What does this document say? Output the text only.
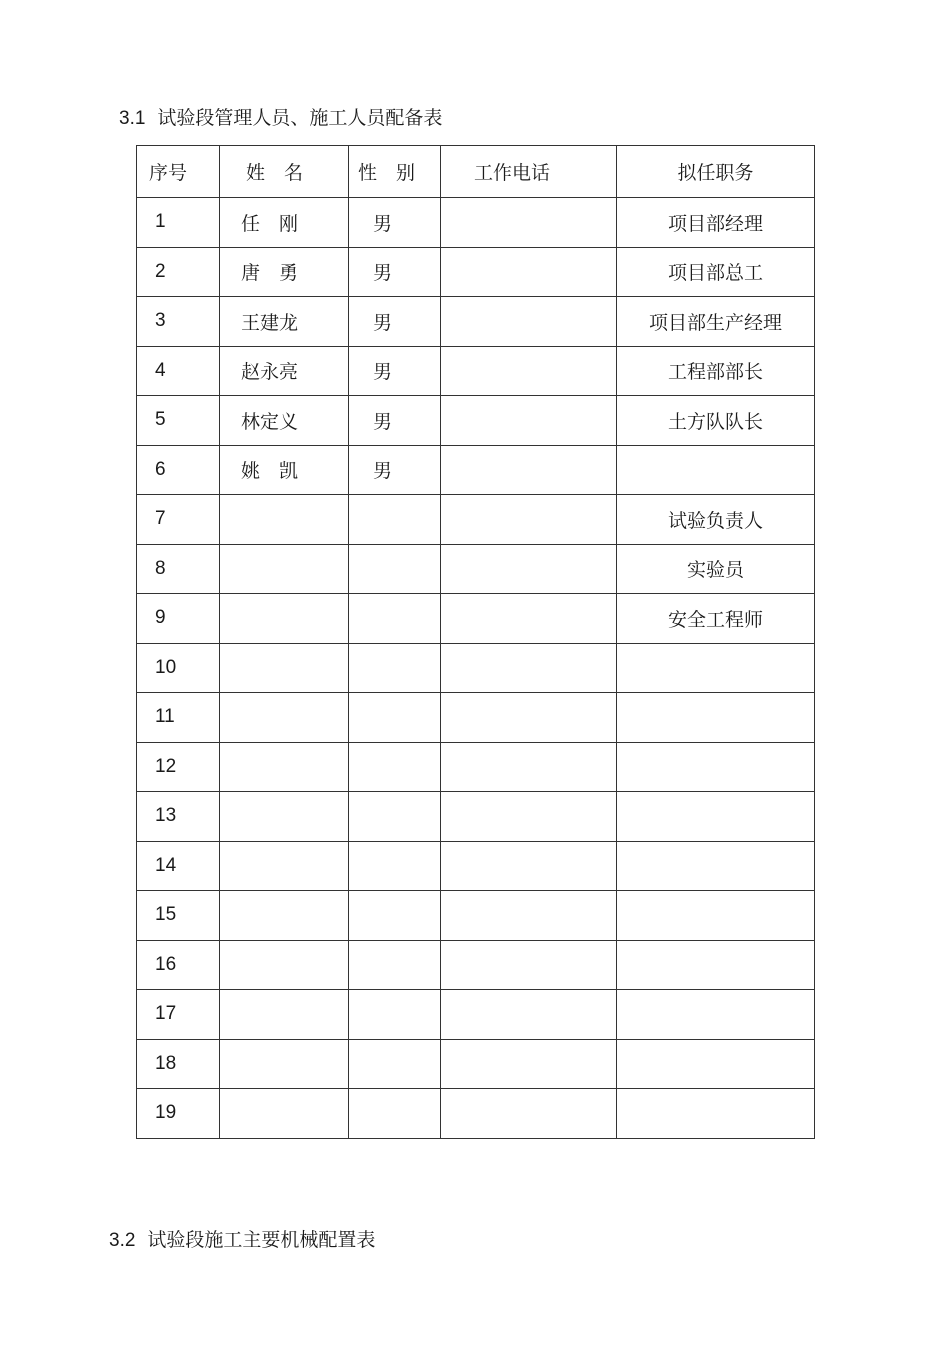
3.1 试验段管理人员、施工人员配备表
序号	姓　名	性　别	工作电话	拟任职务
1	任　刚	男		项目部经理
2	唐　勇	男		项目部总工
3	王建龙	男		项目部生产经理
4	赵永亮	男		工程部部长
5	林定义	男		土方队队长
6	姚　凯	男		
7				试验负责人
8				实验员
9				安全工程师
10				
11				
12				
13				
14				
15				
16				
17				
18				
19				
3.2 试验段施工主要机械配置表
